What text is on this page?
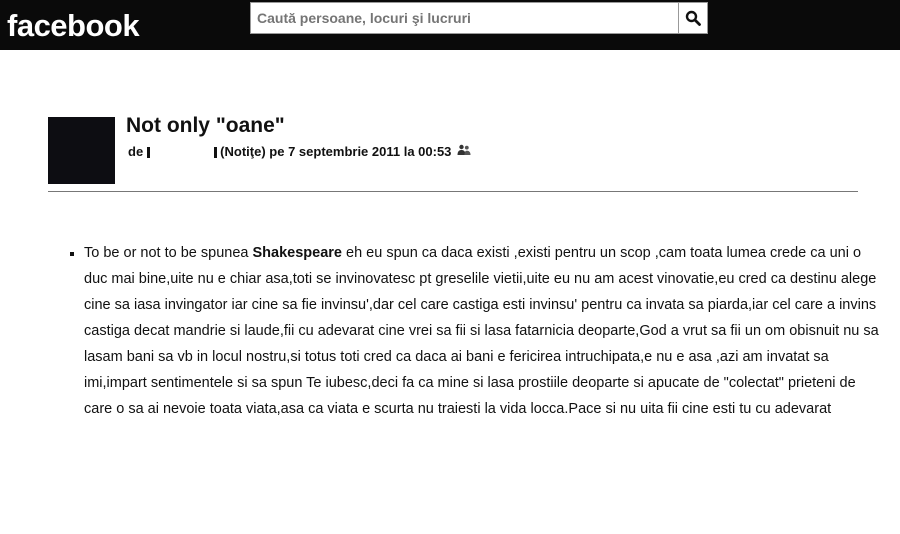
facebook
Caută persoane, locuri şi lucruri
Not only "oane"
de	(Notiţe)
pe 7 septembrie 2011 la 00:53
▪ To be or not to be spunea Shakespeare eh eu spun ca daca existi ,existi pentru un scop ,cam toata lumea crede ca uni o duc mai bine,uite nu e chiar asa,toti se invinovatesc pt greselile vietii,uite eu nu am acest vinovatie,eu cred ca destinu alege cine sa iasa invingator iar cine sa fie invinsu',dar cel care castiga esti invinsu' pentru ca invata sa piarda,iar cel care a invins castiga decat mandrie si laude,fii cu adevarat cine vrei sa fii si lasa fatarnicia deoparte,God a vrut sa fii un om obisnuit nu sa lasam bani sa vb in locul nostru,si totus toti cred ca daca ai bani e fericirea intruchipata,e nu e asa ,azi am invatat sa imi,impart sentimentele si sa spun Te iubesc,deci fa ca mine si lasa prostiile deoparte si apucate de "colectat" prieteni de care o sa ai nevoie toata viata,asa ca viata e scurta nu traiesti la vida locca.Pace si nu uita fii cine esti tu cu adevarat
